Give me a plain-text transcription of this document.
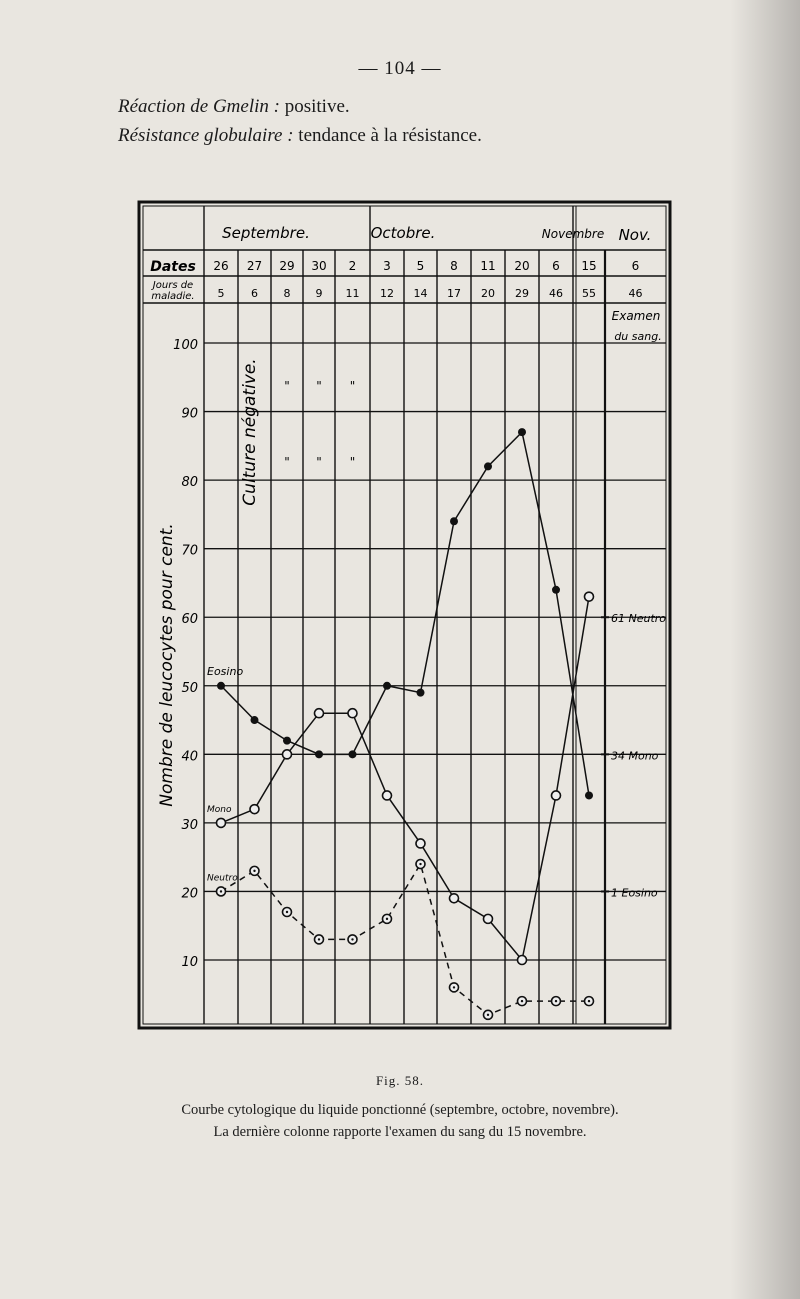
— 104 —
Réaction de Gmelin : positive.
Résistance globulaire : tendance à la résistance.
Septembre.	Octobre.	Novembre Nov.
Dates
Jours de
maladie.
26 27 29 30 2 3 5 8 11 20 6 15	6
5 6 8 9 11 12 14 17 20 29 46 55	46
Examen
du sang.
100
90
80
70
60
50
40
30
20
10
Nombre de leucocytes pour cent.
Culture négative. "
"
"
"
"
"
Eosino
Mono
Neutro
61 Neutro
34 Mono
1 Eosino
Fig. 58.
Courbe cytologique du liquide ponctionné (septembre, octobre, novembre).
La dernière colonne rapporte l'examen du sang du 15 novembre.
